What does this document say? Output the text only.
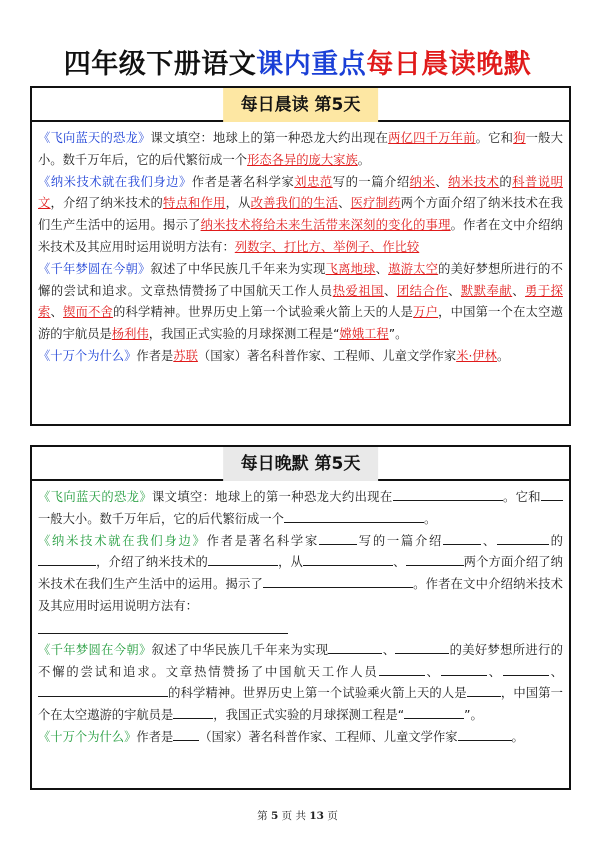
四年级下册语文课内重点每日晨读晚默
每日晨读 第5天

《飞向蓝天的恐龙》课文填空：地球上的第一种恐龙大约出现在两亿四千万年前。它和狗一般大小。数千万年后，它的后代繁衍成一个形态各异的庞大家族。

《纳米技术就在我们身边》作者是著名科学家刘忠范写的一篇介绍纳米、纳米技术的科普说明文，介绍了纳米技术的特点和作用，从改善我们的生活、医疗制药两个方面介绍了纳米技术在我们生产生活中的运用。揭示了纳米技术将给未来生活带来深刻的变化的事理。作者在文中介绍纳米技术及其应用时运用说明方法有：列数字、打比方、举例子、作比较

《千年梦圆在今朝》叙述了中华民族几千年来为实现飞离地球、遨游太空的美好梦想所进行的不懈的尝试和追求。文章热情赞扬了中国航天工作人员热爱祖国、团结合作、默默奉献、勇于探索、锲而不舍的科学精神。世界历史上第一个试验乘火箭上天的人是万户，中国第一个在太空遨游的宇航员是杨利伟，我国正式实验的月球探测工程是“嫦娥工程”。

《十万个为什么》作者是苏联（国家）著名科普作家、工程师、儿童文学作家米·伊林。

每日晚默 第5天

《飞向蓝天的恐龙》课文填空：地球上的第一种恐龙大约出现在	。它和一般大小。数千万年后，它的后代繁衍成一个	。

《纳米技术就在我们身边》作者是著名科学家	写的一篇介绍	、	的，介绍了纳米技术的	，从	、	两个方面介绍了纳米技术在我们生产生活中的运用。揭示了	。作者在文中介绍纳米技术及其应用时运用说明方法有：

《千年梦圆在今朝》叙述了中华民族几千年来为实现	、	的美好梦想所进行的不懈的尝试和追求。文章热情赞扬了中国航天工作人员	、	、	、的科学精神。世界历史上第一个试验乘火箭上天的人是	，中国第一个在太空遨游的宇航员是	，我国正式实验的月球探测工程是“	”。

《十万个为什么》作者是 （国家）著名科普作家、工程师、儿童文学作家	。

第 5 页 共 13 页
